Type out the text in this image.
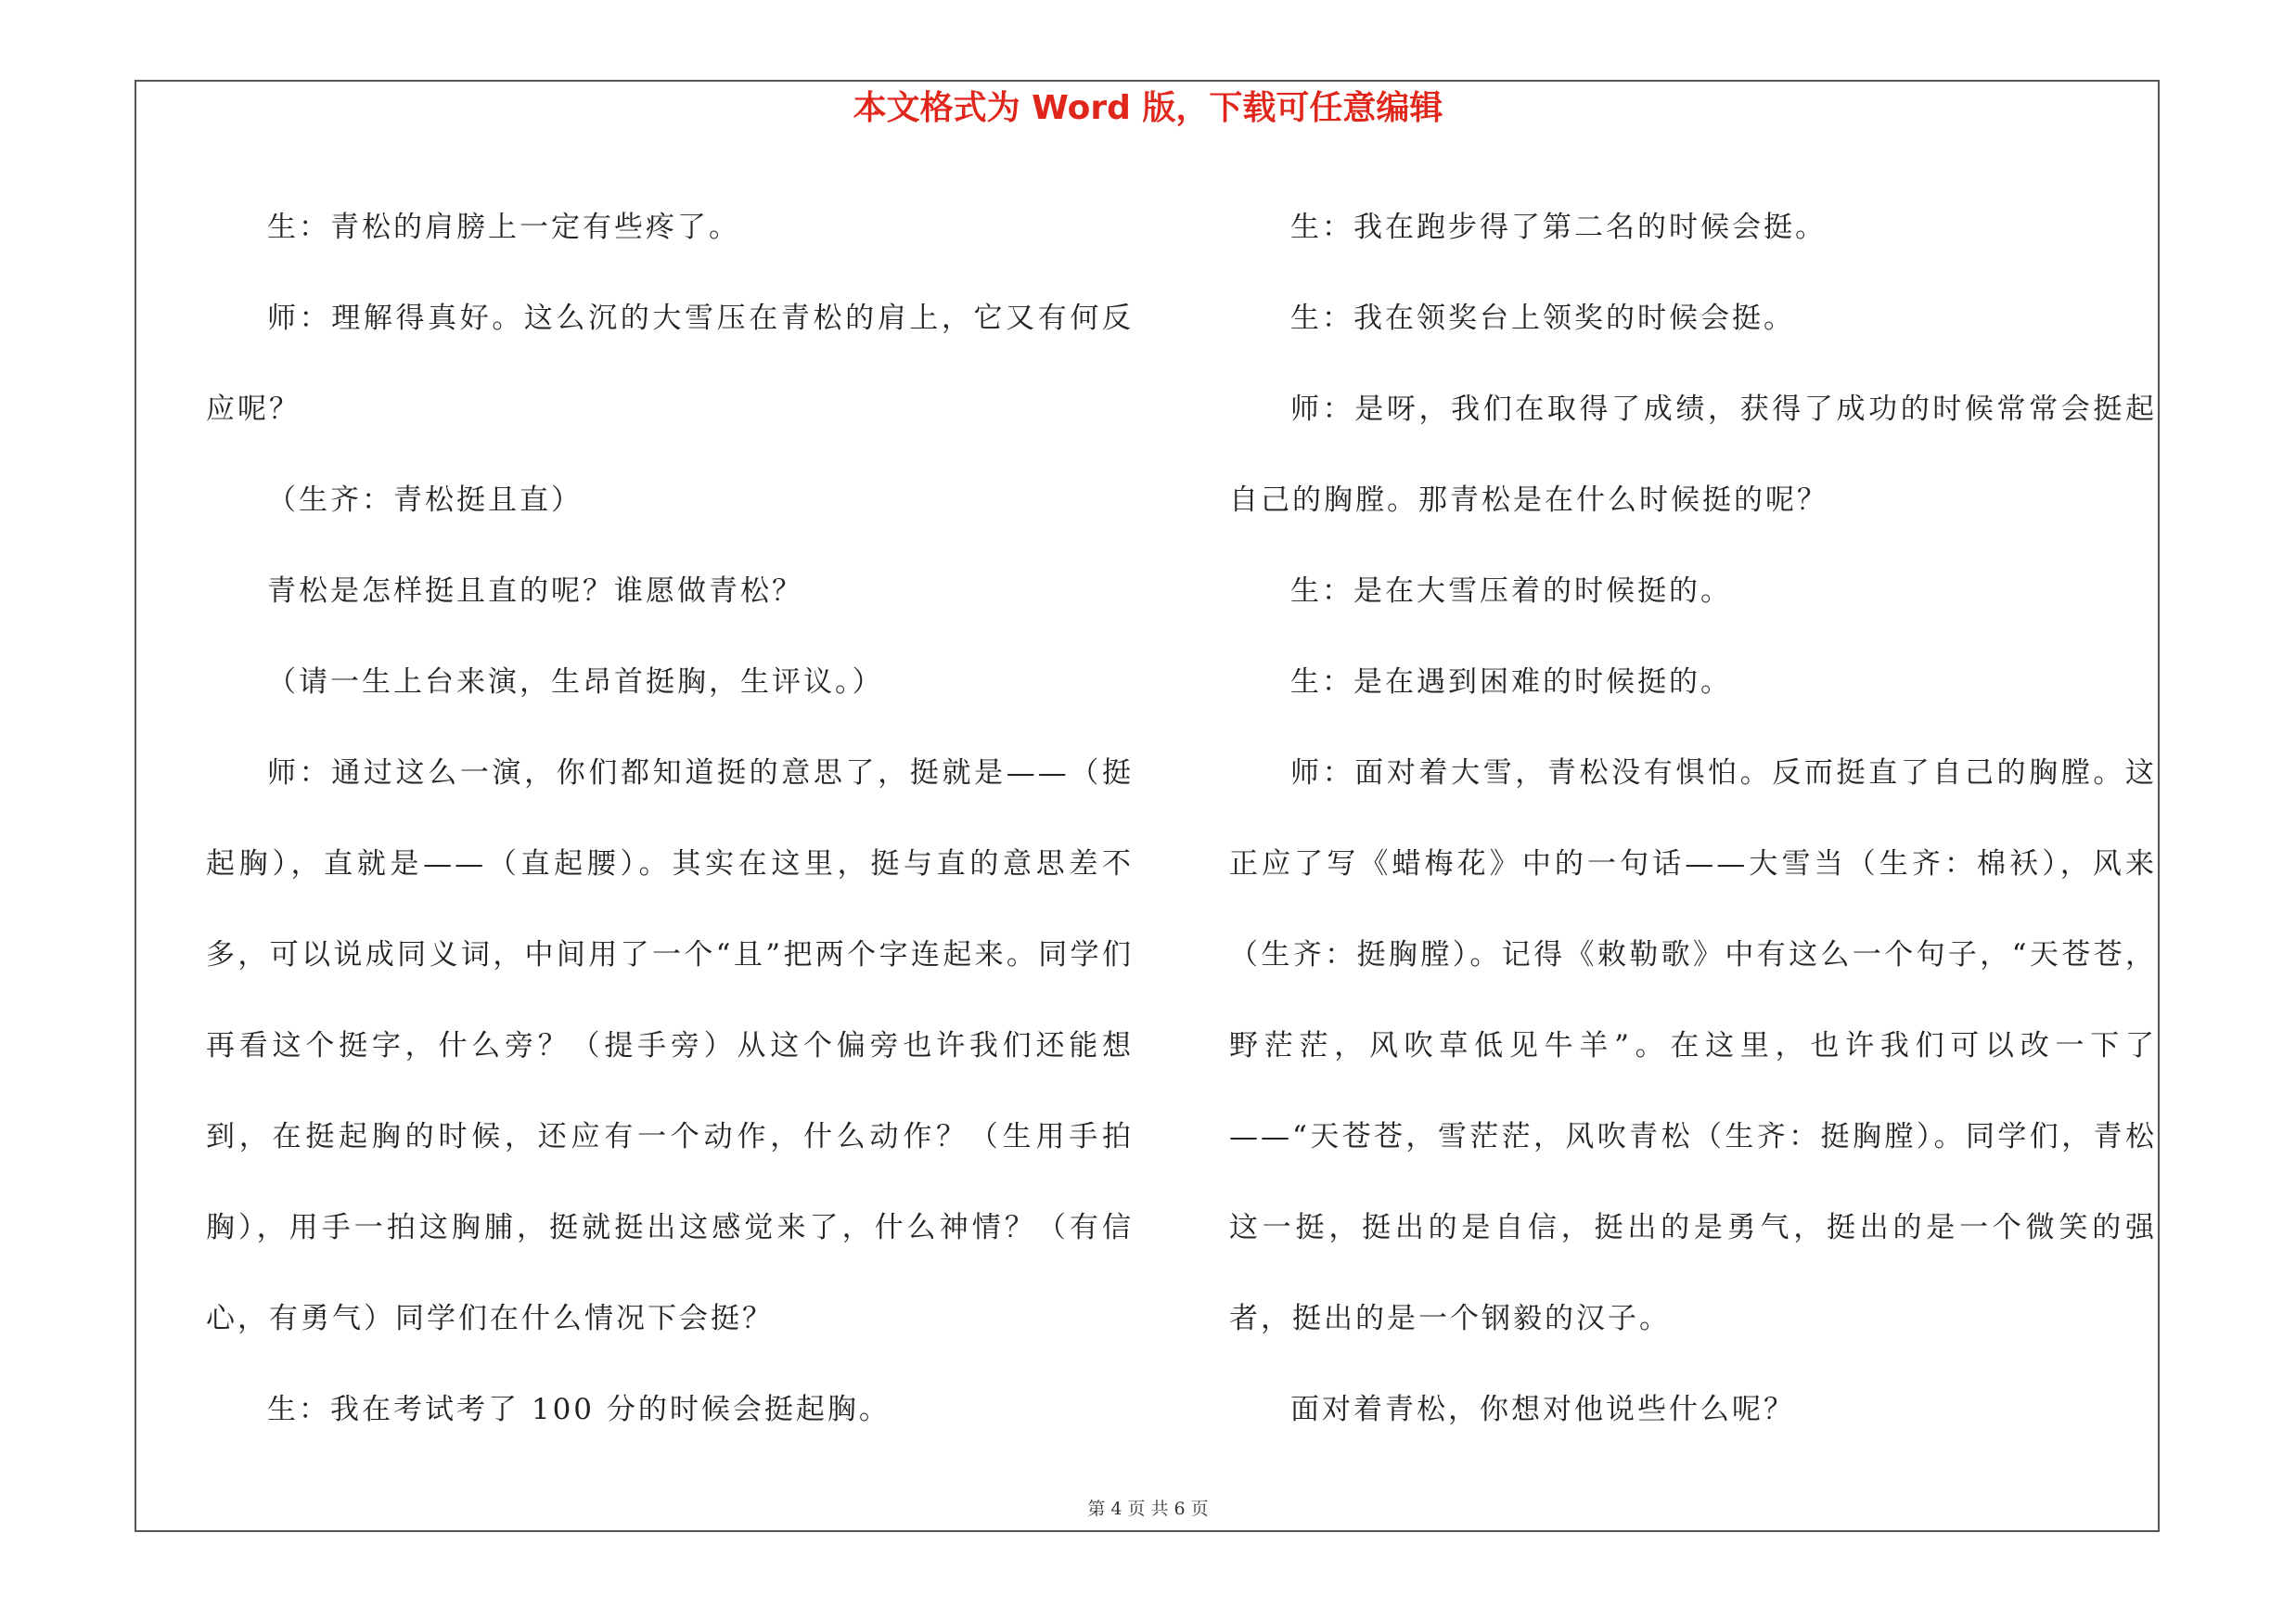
本文格式为 Word 版，下载可任意编辑

生：青松的肩膀上一定有些疼了。

师：理解得真好。这么沉的大雪压在青松的肩上，它又有何反应呢？

（生齐：青松挺且直）

青松是怎样挺且直的呢？谁愿做青松？

（请一生上台来演，生昂首挺胸，生评议。）

师：通过这么一演，你们都知道挺的意思了，挺就是——（挺起胸），直就是——（直起腰）。其实在这里，挺与直的意思差不多，可以说成同义词，中间用了一个“且”把两个字连起来。同学们再看这个挺字，什么旁？（提手旁）从这个偏旁也许我们还能想到，在挺起胸的时候，还应有一个动作，什么动作？（生用手拍胸），用手一拍这胸脯，挺就挺出这感觉来了，什么神情？（有信心，有勇气）同学们在什么情况下会挺？

生：我在考试考了 100 分的时候会挺起胸。

生：我在跑步得了第二名的时候会挺。

生：我在领奖台上领奖的时候会挺。

师：是呀，我们在取得了成绩，获得了成功的时候常常会挺起自己的胸膛。那青松是在什么时候挺的呢？

生：是在大雪压着的时候挺的。

生：是在遇到困难的时候挺的。

师：面对着大雪，青松没有惧怕。反而挺直了自己的胸膛。这正应了写《蜡梅花》中的一句话——大雪当（生齐：棉袄），风来（生齐：挺胸膛）。记得《敕勒歌》中有这么一个句子，“天苍苍，野茫茫，风吹草低见牛羊”。在这里，也许我们可以改一下了——“天苍苍，雪茫茫，风吹青松（生齐：挺胸膛）。同学们，青松这一挺，挺出的是自信，挺出的是勇气，挺出的是一个微笑的强者，挺出的是一个钢毅的汉子。

面对着青松，你想对他说些什么呢？

第 4 页 共 6 页
